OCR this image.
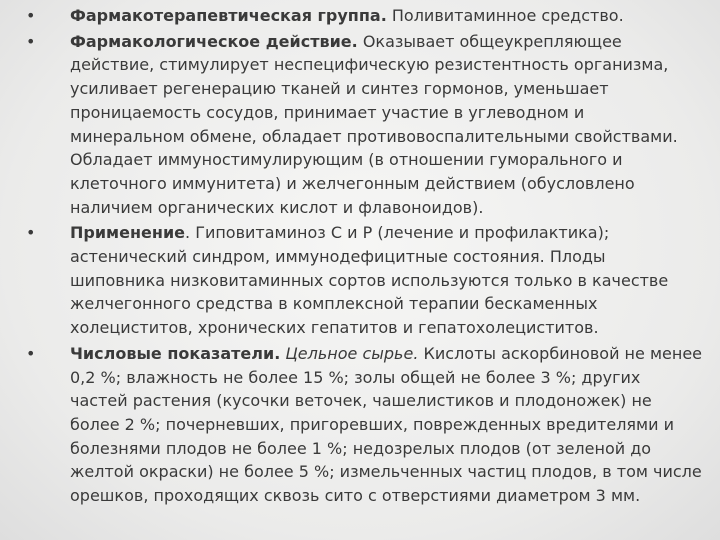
•	Фармакотерапевтическая группа. Поливитаминное средство.
•	Фармакологическое действие. Оказывает общеукрепляющее действие, стимулирует неспецифическую резистентность организма, усиливает регенерацию тканей и синтез гормонов, уменьшает проницаемость сосудов, принимает участие в углеводном и минеральном обмене, обладает противовоспалительными свойствами. Обладает иммуностимулирующим (в отношении гуморального и клеточного иммунитета) и желчегонным действием (обусловлено наличием органических кислот и флавоноидов).
•	Применение. Гиповитаминоз С и Р (лечение и профилактика); астенический синдром, иммунодефицитные состояния. Плоды шиповника низковитаминных сортов используются только в качестве желчегонного средства в комплексной терапии бескаменных холециститов, хронических гепатитов и гепатохолециститов.
•	Числовые показатели. Цельное сырье. Кислоты аскорбиновой не менее 0,2 %; влажность не более 15 %; золы общей не более 3 %; других частей растения (кусочки веточек, чашелистиков и плодоножек) не более 2 %; почерневших, пригоревших, поврежденных вредителями и болезнями плодов не более 1 %; недозрелых плодов (от зеленой до желтой окраски) не более 5 %; измельченных частиц плодов, в том числе орешков, проходящих сквозь сито с отверстиями диаметром 3 мм.
